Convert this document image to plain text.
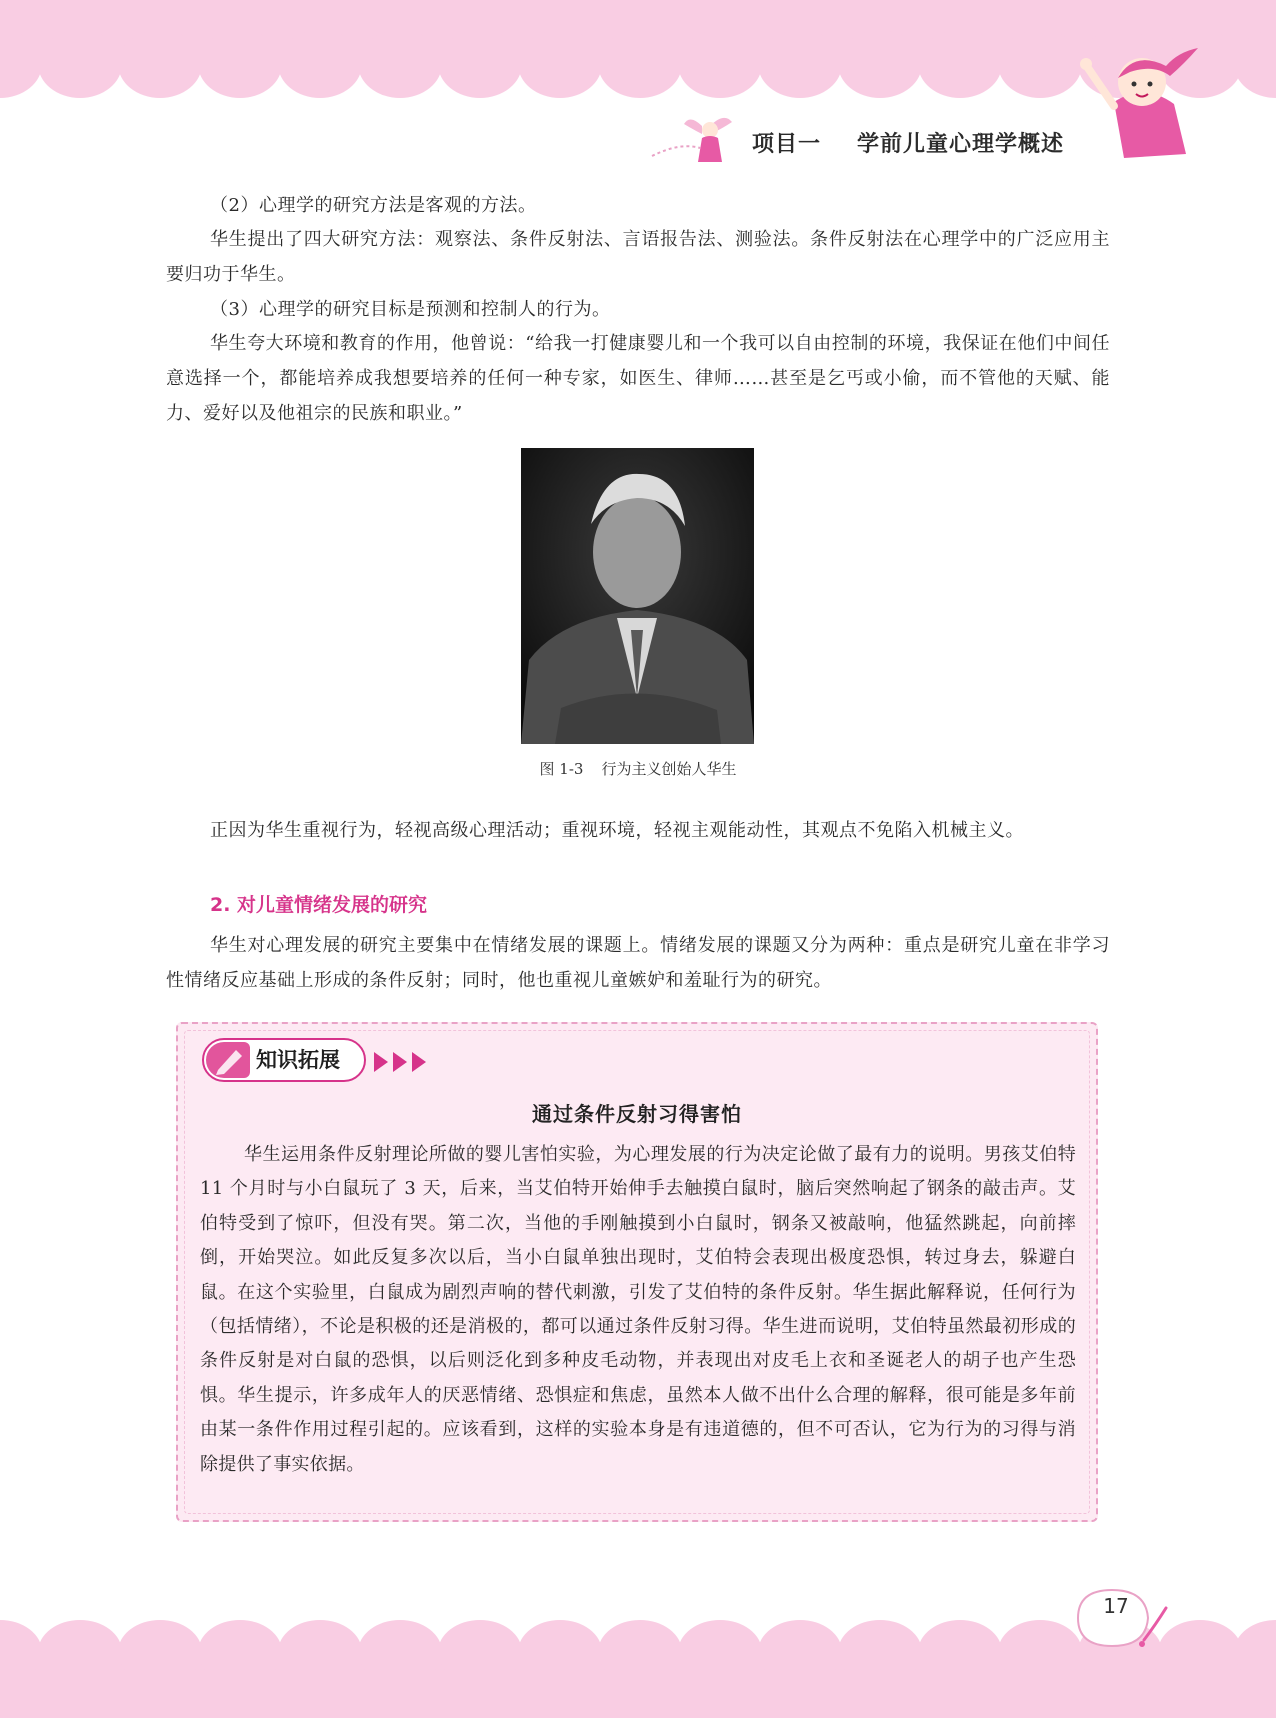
项目一 学前儿童心理学概述

（2）心理学的研究方法是客观的方法。

华生提出了四大研究方法：观察法、条件反射法、言语报告法、测验法。条件反射法在心理学中的广泛应用主要归功于华生。

（3）心理学的研究目标是预测和控制人的行为。

华生夸大环境和教育的作用，他曾说：“给我一打健康婴儿和一个我可以自由控制的环境，我保证在他们中间任意选择一个，都能培养成我想要培养的任何一种专家，如医生、律师……甚至是乞丐或小偷，而不管他的天赋、能力、爱好以及他祖宗的民族和职业。”

图 1-3 行为主义创始人华生

正因为华生重视行为，轻视高级心理活动；重视环境，轻视主观能动性，其观点不免陷入机械主义。

2. 对儿童情绪发展的研究

华生对心理发展的研究主要集中在情绪发展的课题上。情绪发展的课题又分为两种：重点是研究儿童在非学习性情绪反应基础上形成的条件反射；同时，他也重视儿童嫉妒和羞耻行为的研究。

知识拓展
通过条件反射习得害怕

华生运用条件反射理论所做的婴儿害怕实验，为心理发展的行为决定论做了最有力的说明。男孩艾伯特 11 个月时与小白鼠玩了 3 天，后来，当艾伯特开始伸手去触摸白鼠时，脑后突然响起了钢条的敲击声。艾伯特受到了惊吓，但没有哭。第二次，当他的手刚触摸到小白鼠时，钢条又被敲响，他猛然跳起，向前摔倒，开始哭泣。如此反复多次以后，当小白鼠单独出现时，艾伯特会表现出极度恐惧，转过身去，躲避白鼠。在这个实验里，白鼠成为剧烈声响的替代刺激，引发了艾伯特的条件反射。华生据此解释说，任何行为（包括情绪），不论是积极的还是消极的，都可以通过条件反射习得。华生进而说明，艾伯特虽然最初形成的条件反射是对白鼠的恐惧，以后则泛化到多种皮毛动物，并表现出对皮毛上衣和圣诞老人的胡子也产生恐惧。华生提示，许多成年人的厌恶情绪、恐惧症和焦虑，虽然本人做不出什么合理的解释，很可能是多年前由某一条件作用过程引起的。应该看到，这样的实验本身是有违道德的，但不可否认，它为行为的习得与消除提供了事实依据。

17
